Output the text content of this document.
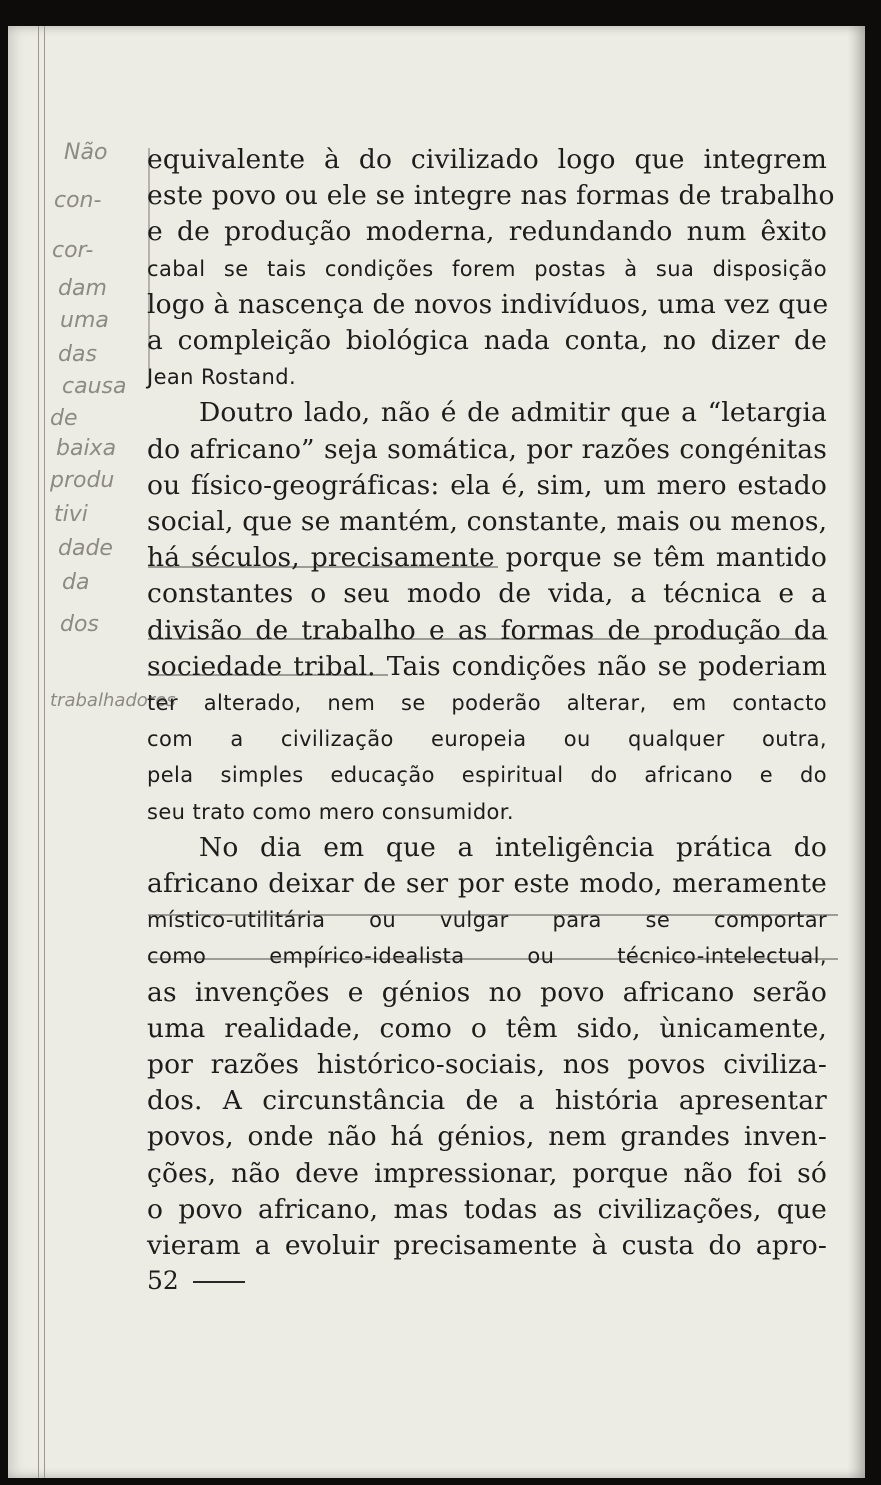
Não
con-
cor-
dam
uma
das
causa
de
baixa
produ
tivi
dade
da
dos
trabalhadores
equivalente à do civilizado logo que integrem
este povo ou ele se integre nas formas de trabalho
e de produção moderna, redundando num êxito
cabal se tais condições forem postas à sua disposição
logo à nascença de novos indivíduos, uma vez que
a compleição biológica nada conta, no dizer de
Jean Rostand.
Doutro lado, não é de admitir que a “letargia
do africano” seja somática, por razões congénitas
ou físico-geográficas: ela é, sim, um mero estado
social, que se mantém, constante, mais ou menos,
há séculos, precisamente porque se têm mantido
constantes o seu modo de vida, a técnica e a
divisão de trabalho e as formas de produção da
sociedade tribal. Tais condições não se poderiam
ter alterado, nem se poderão alterar, em contacto
com a civilização europeia ou qualquer outra,
pela simples educação espiritual do africano e do
seu trato como mero consumidor.
No dia em que a inteligência prática do
africano deixar de ser por este modo, meramente
místico-utilitária ou vulgar para se comportar
como empírico-idealista ou técnico-intelectual,
as invenções e génios no povo africano serão
uma realidade, como o têm sido, ùnicamente,
por razões histórico-sociais, nos povos civiliza-
dos. A circunstância de a história apresentar
povos, onde não há génios, nem grandes inven-
ções, não deve impressionar, porque não foi só
o povo africano, mas todas as civilizações, que
vieram a evoluir precisamente à custa do apro-
52
